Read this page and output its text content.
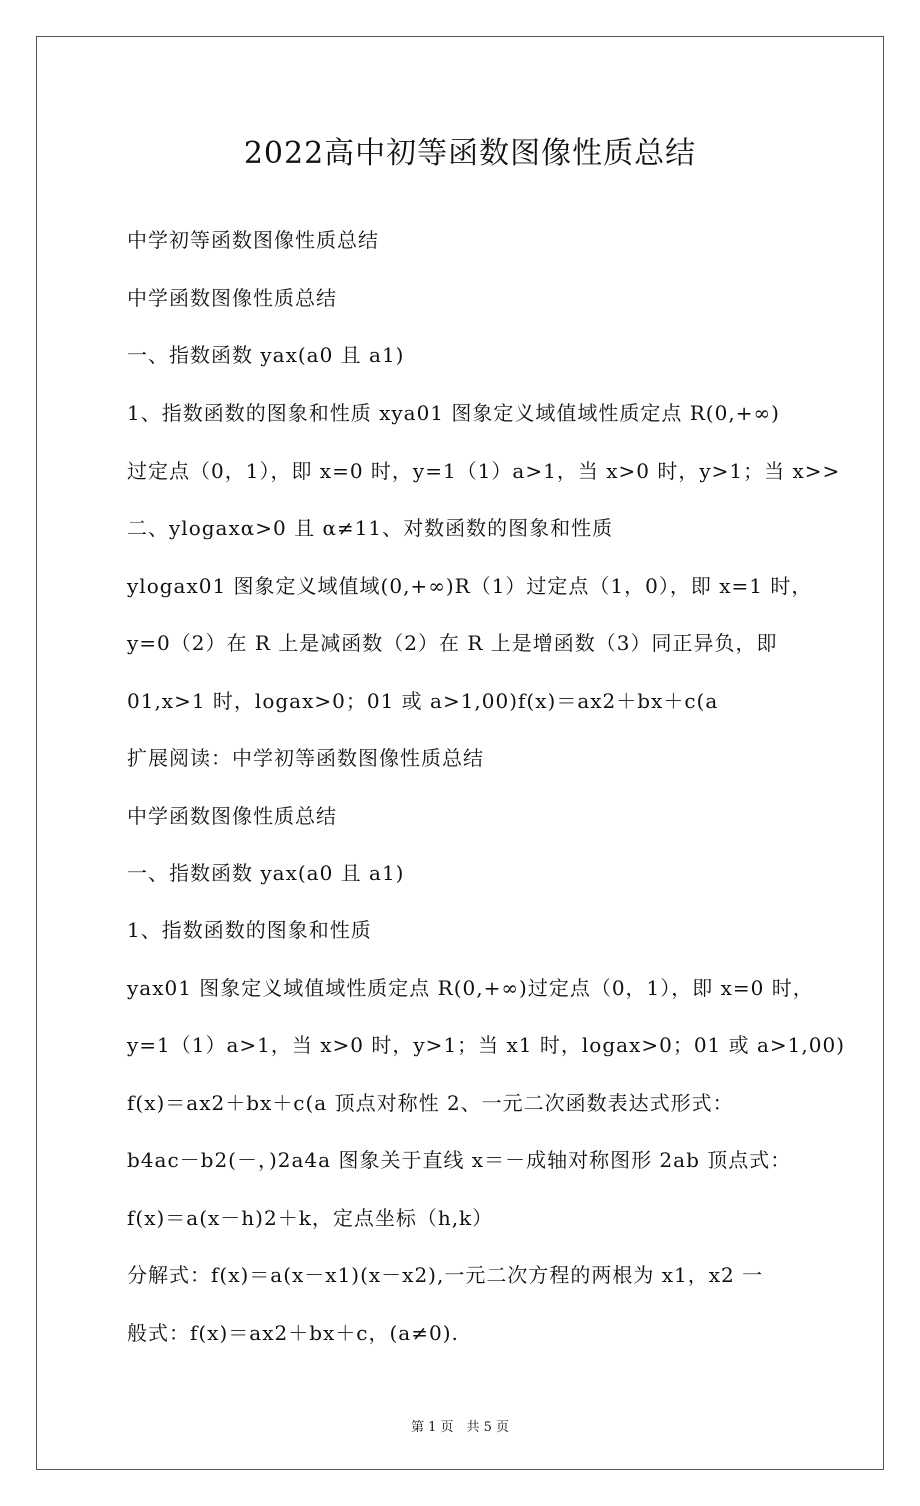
2022高中初等函数图像性质总结
中学初等函数图像性质总结
中学函数图像性质总结
一、指数函数 yax(a0 且 a1)
1、指数函数的图象和性质 xya01 图象定义域值域性质定点 R(0,+∞)
过定点（0，1），即 x=0 时，y=1（1）a>1，当 x>0 时，y>1；当 x>>
二、ylogaxα>0 且 α≠11、对数函数的图象和性质
ylogax01 图象定义域值域(0,+∞)R（1）过定点（1，0），即 x=1 时，
y=0（2）在 R 上是减函数（2）在 R 上是增函数（3）同正异负，即
01,x>1 时，logax>0；01 或 a>1,00)f(x)＝ax2＋bx＋c(a
扩展阅读：中学初等函数图像性质总结
中学函数图像性质总结
一、指数函数 yax(a0 且 a1)
1、指数函数的图象和性质
yax01 图象定义域值域性质定点 R(0,+∞)过定点（0，1），即 x=0 时，
y=1（1）a>1，当 x>0 时，y>1；当 x1 时，logax>0；01 或 a>1,00)
f(x)＝ax2＋bx＋c(a 顶点对称性 2、一元二次函数表达式形式：
b4ac－b2(－，)2a4a 图象关于直线 x＝－成轴对称图形 2ab 顶点式：
f(x)＝a(x－h)2＋k，定点坐标（h,k）
分解式：f(x)＝a(x－x1)(x－x2),一元二次方程的两根为 x1，x2 一
般式：f(x)＝ax2＋bx＋c，(a≠0).
第 1 页　共 5 页
